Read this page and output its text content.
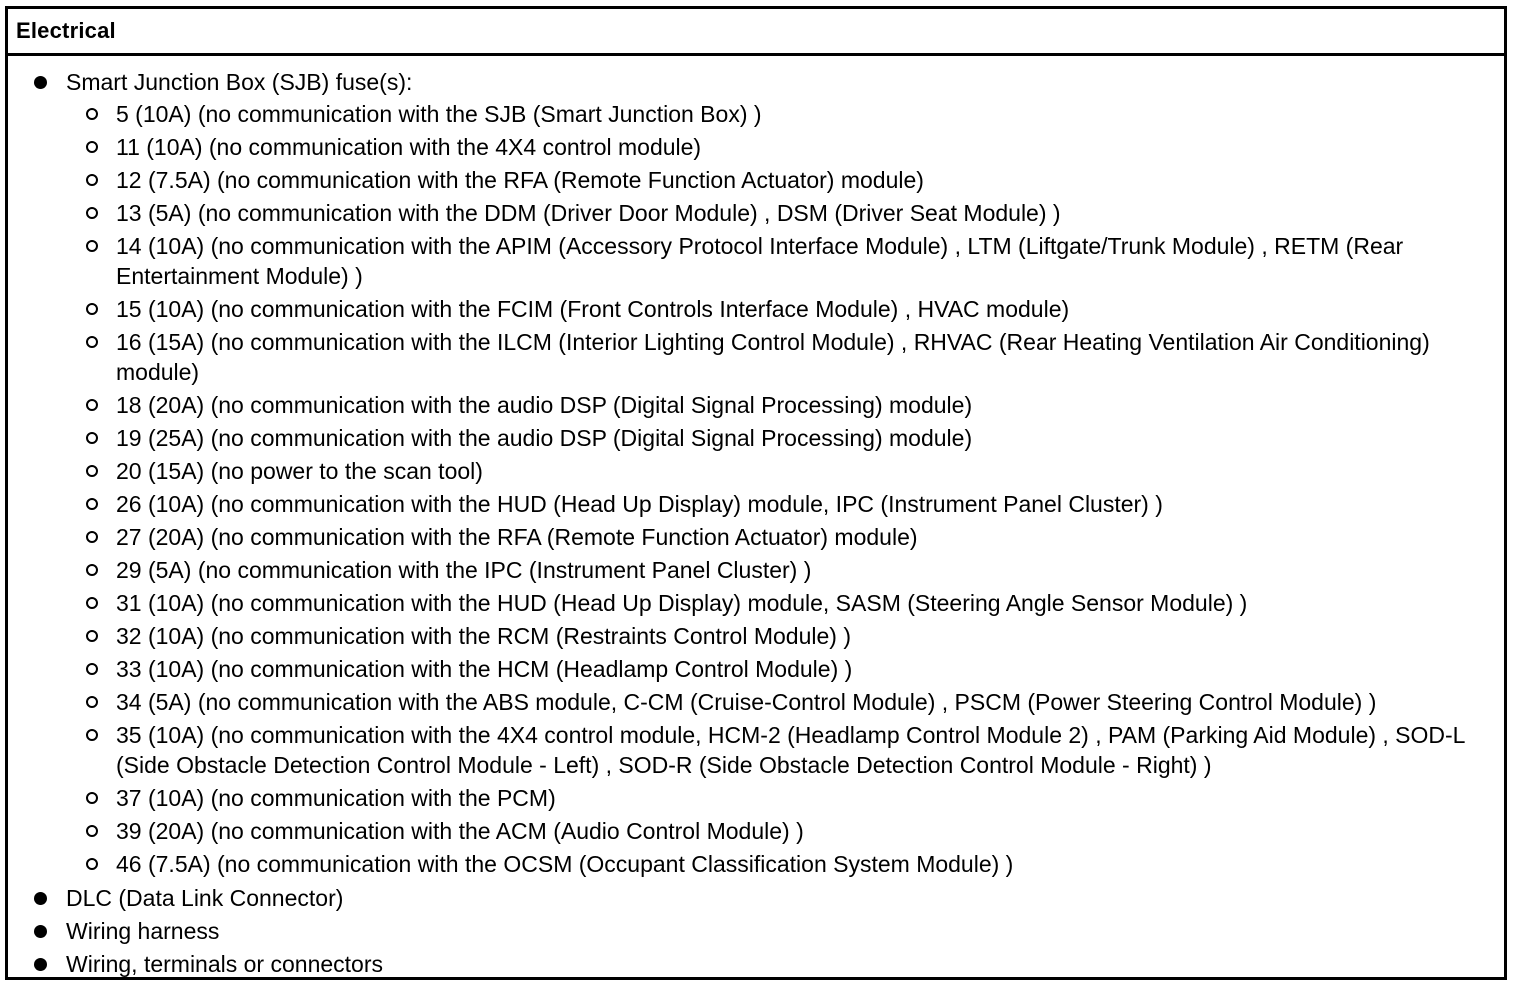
Electrical
Smart Junction Box (SJB) fuse(s):
5 (10A) (no communication with the SJB (Smart Junction Box) )
11 (10A) (no communication with the 4X4 control module)
12 (7.5A) (no communication with the RFA (Remote Function Actuator) module)
13 (5A) (no communication with the DDM (Driver Door Module) , DSM (Driver Seat Module) )
14 (10A) (no communication with the APIM (Accessory Protocol Interface Module) , LTM (Liftgate/Trunk Module) , RETM (Rear Entertainment Module) )
15 (10A) (no communication with the FCIM (Front Controls Interface Module) , HVAC module)
16 (15A) (no communication with the ILCM (Interior Lighting Control Module) , RHVAC (Rear Heating Ventilation Air Conditioning) module)
18 (20A) (no communication with the audio DSP (Digital Signal Processing) module)
19 (25A) (no communication with the audio DSP (Digital Signal Processing) module)
20 (15A) (no power to the scan tool)
26 (10A) (no communication with the HUD (Head Up Display) module, IPC (Instrument Panel Cluster) )
27 (20A) (no communication with the RFA (Remote Function Actuator) module)
29 (5A) (no communication with the IPC (Instrument Panel Cluster) )
31 (10A) (no communication with the HUD (Head Up Display) module, SASM (Steering Angle Sensor Module) )
32 (10A) (no communication with the RCM (Restraints Control Module) )
33 (10A) (no communication with the HCM (Headlamp Control Module) )
34 (5A) (no communication with the ABS module, C-CM (Cruise-Control Module) , PSCM (Power Steering Control Module) )
35 (10A) (no communication with the 4X4 control module, HCM-2 (Headlamp Control Module 2) , PAM (Parking Aid Module) , SOD-L (Side Obstacle Detection Control Module - Left) , SOD-R (Side Obstacle Detection Control Module - Right) )
37 (10A) (no communication with the PCM)
39 (20A) (no communication with the ACM (Audio Control Module) )
46 (7.5A) (no communication with the OCSM (Occupant Classification System Module) )
DLC (Data Link Connector)
Wiring harness
Wiring, terminals or connectors
